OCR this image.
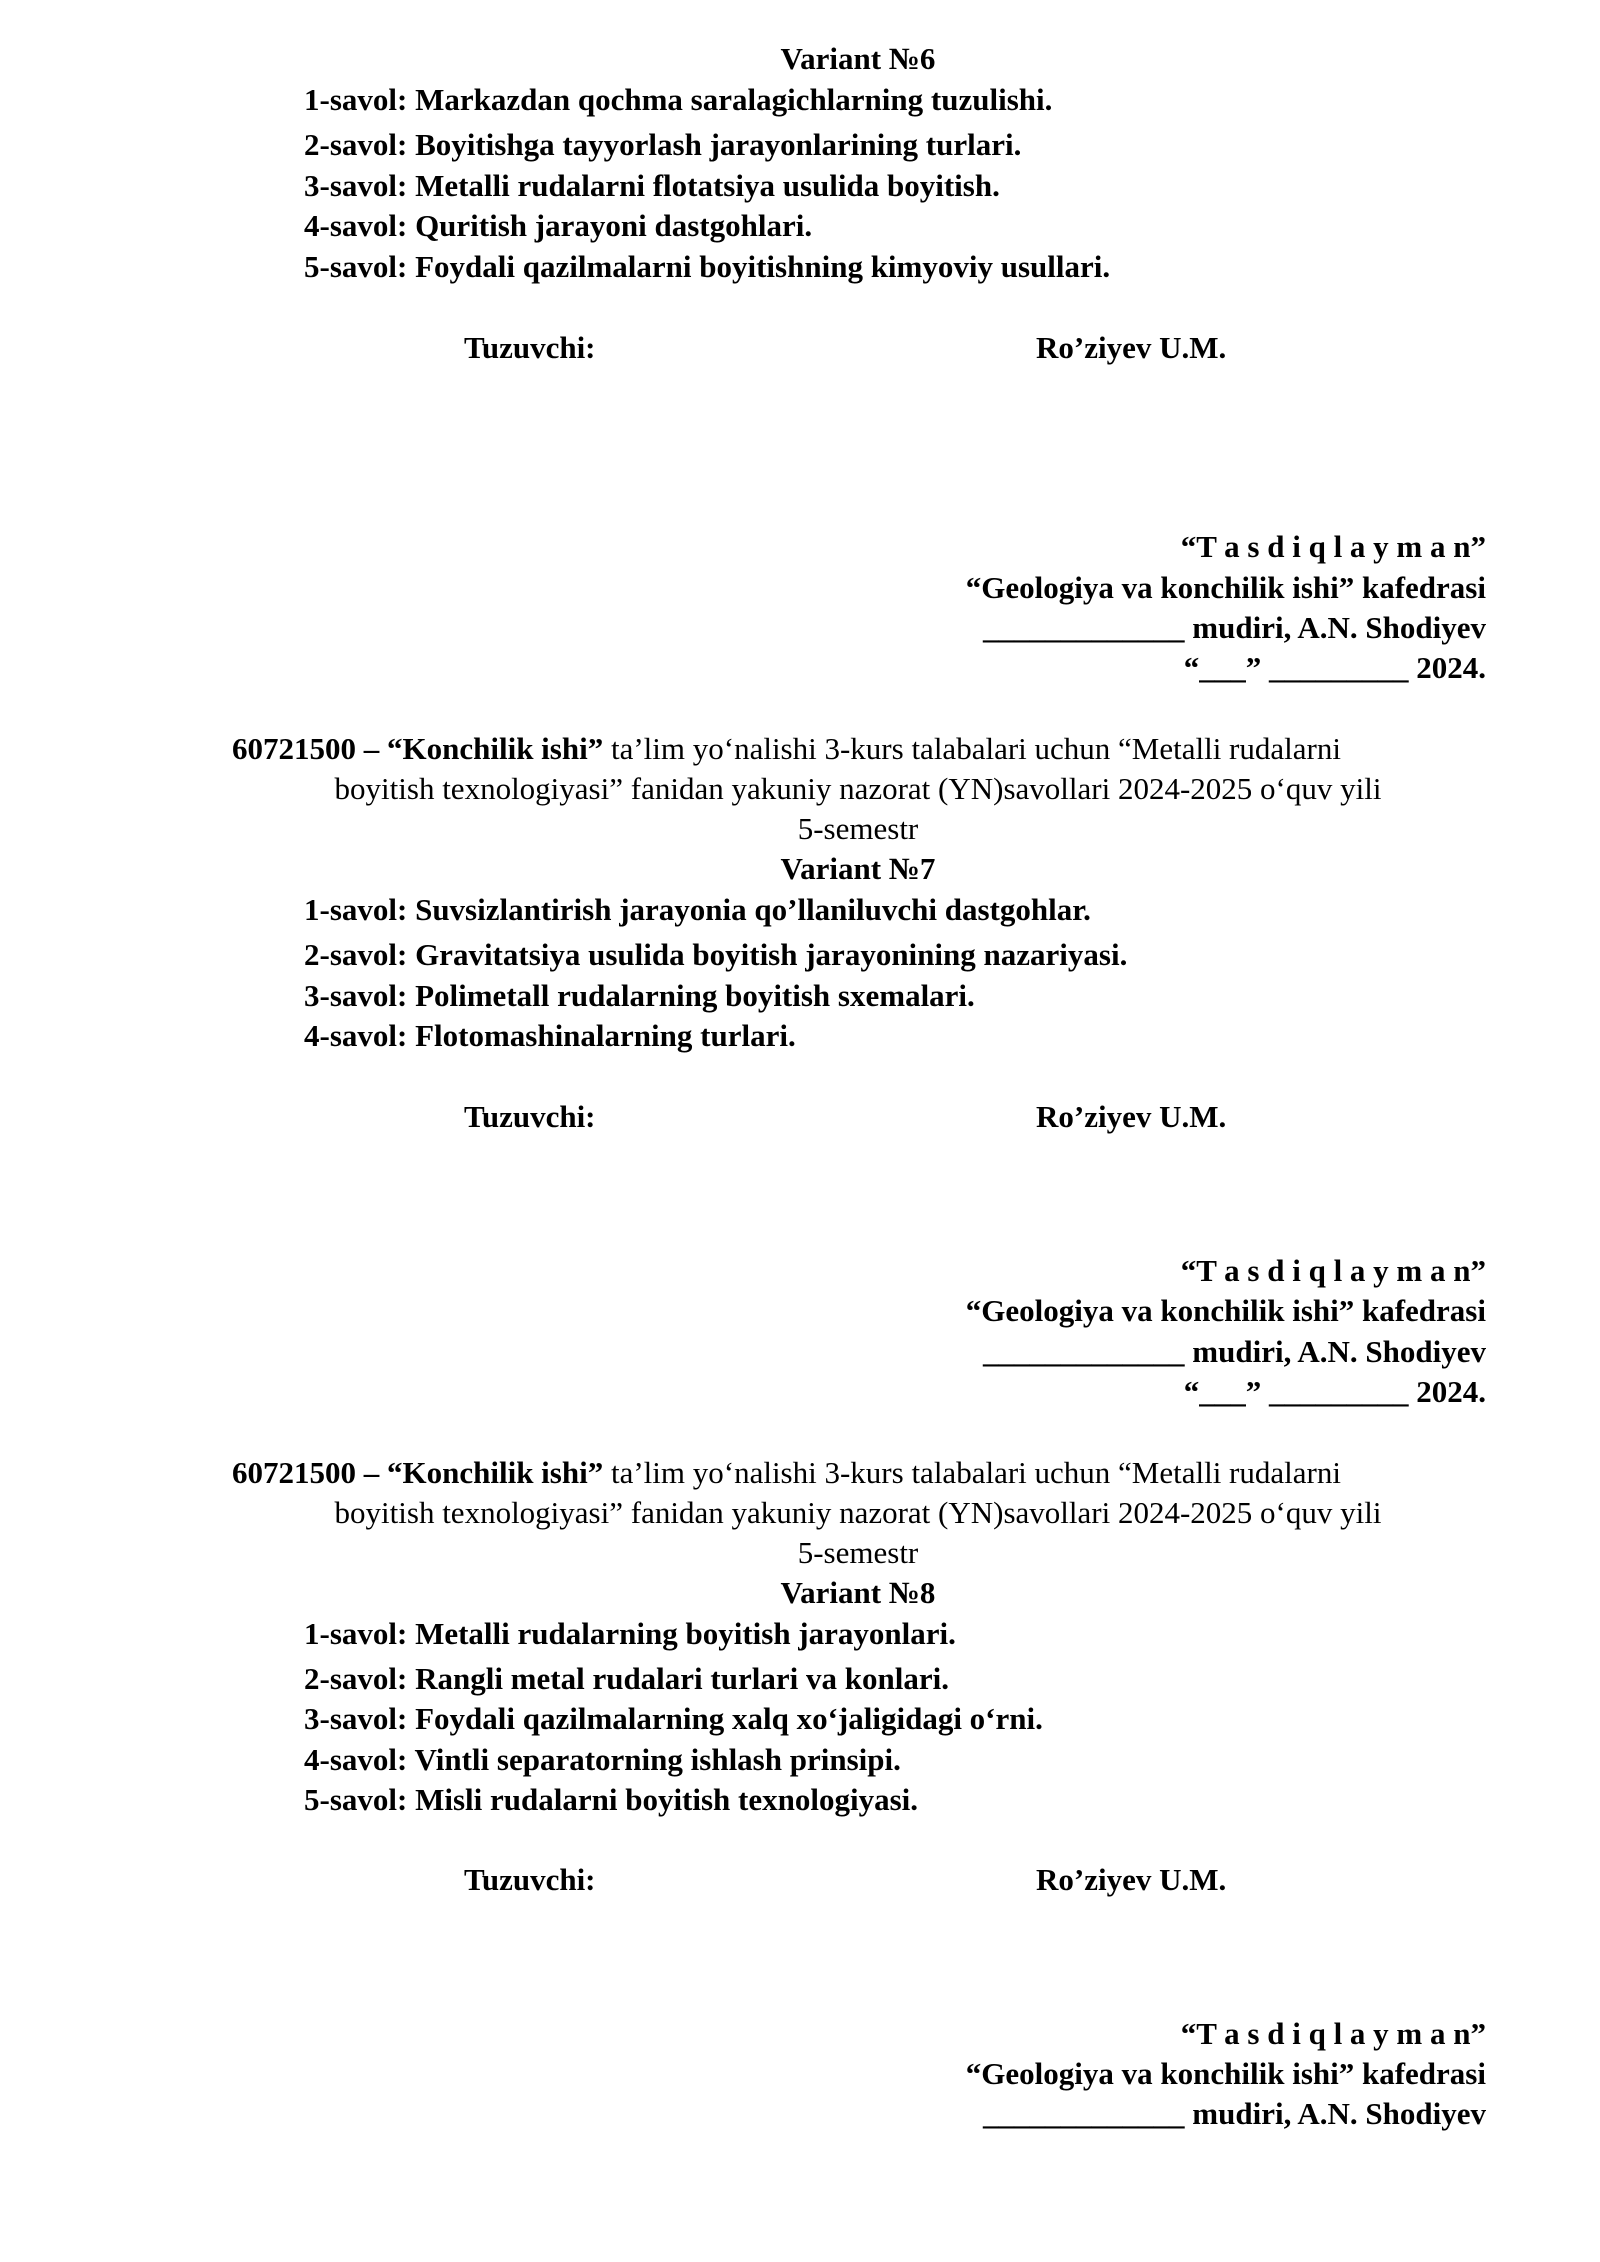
Variant №6
1-savol: Markazdan qochma saralagichlarning tuzulishi.
2-savol: Boyitishga tayyorlash jarayonlarining turlari.
3-savol: Metalli rudalarni flotatsiya usulida boyitish.
4-savol: Quritish jarayoni dastgohlari.
5-savol: Foydali qazilmalarni boyitishning kimyoviy usullari.
Tuzuvchi:	Ro’ziyev U.M.
“T a s d i q l a y m a n”
“Geologiya va konchilik ishi” kafedrasi
_____________ mudiri, A.N. Shodiyev
“___” _________ 2024.
60721500 – “Konchilik ishi” ta’lim yo‘nalishi 3-kurs talabalari uchun “Metalli rudalarni
boyitish texnologiyasi” fanidan yakuniy nazorat (YN)savollari 2024-2025 o‘quv yili
5-semestr
Variant №7
1-savol: Suvsizlantirish jarayonia qo’llaniluvchi dastgohlar.
2-savol: Gravitatsiya usulida boyitish jarayonining nazariyasi.
3-savol: Polimetall rudalarning boyitish sxemalari.
4-savol: Flotomashinalarning turlari.
Tuzuvchi:	Ro’ziyev U.M.
“T a s d i q l a y m a n”
“Geologiya va konchilik ishi” kafedrasi
_____________ mudiri, A.N. Shodiyev
“___” _________ 2024.
60721500 – “Konchilik ishi” ta’lim yo‘nalishi 3-kurs talabalari uchun “Metalli rudalarni
boyitish texnologiyasi” fanidan yakuniy nazorat (YN)savollari 2024-2025 o‘quv yili
5-semestr
Variant №8
1-savol: Metalli rudalarning boyitish jarayonlari.
2-savol: Rangli metal rudalari turlari va konlari.
3-savol: Foydali qazilmalarning xalq xo‘jaligidagi o‘rni.
4-savol: Vintli separatorning ishlash prinsipi.
5-savol: Misli rudalarni boyitish texnologiyasi.
Tuzuvchi:	Ro’ziyev U.M.
“T a s d i q l a y m a n”
“Geologiya va konchilik ishi” kafedrasi
_____________ mudiri, A.N. Shodiyev
